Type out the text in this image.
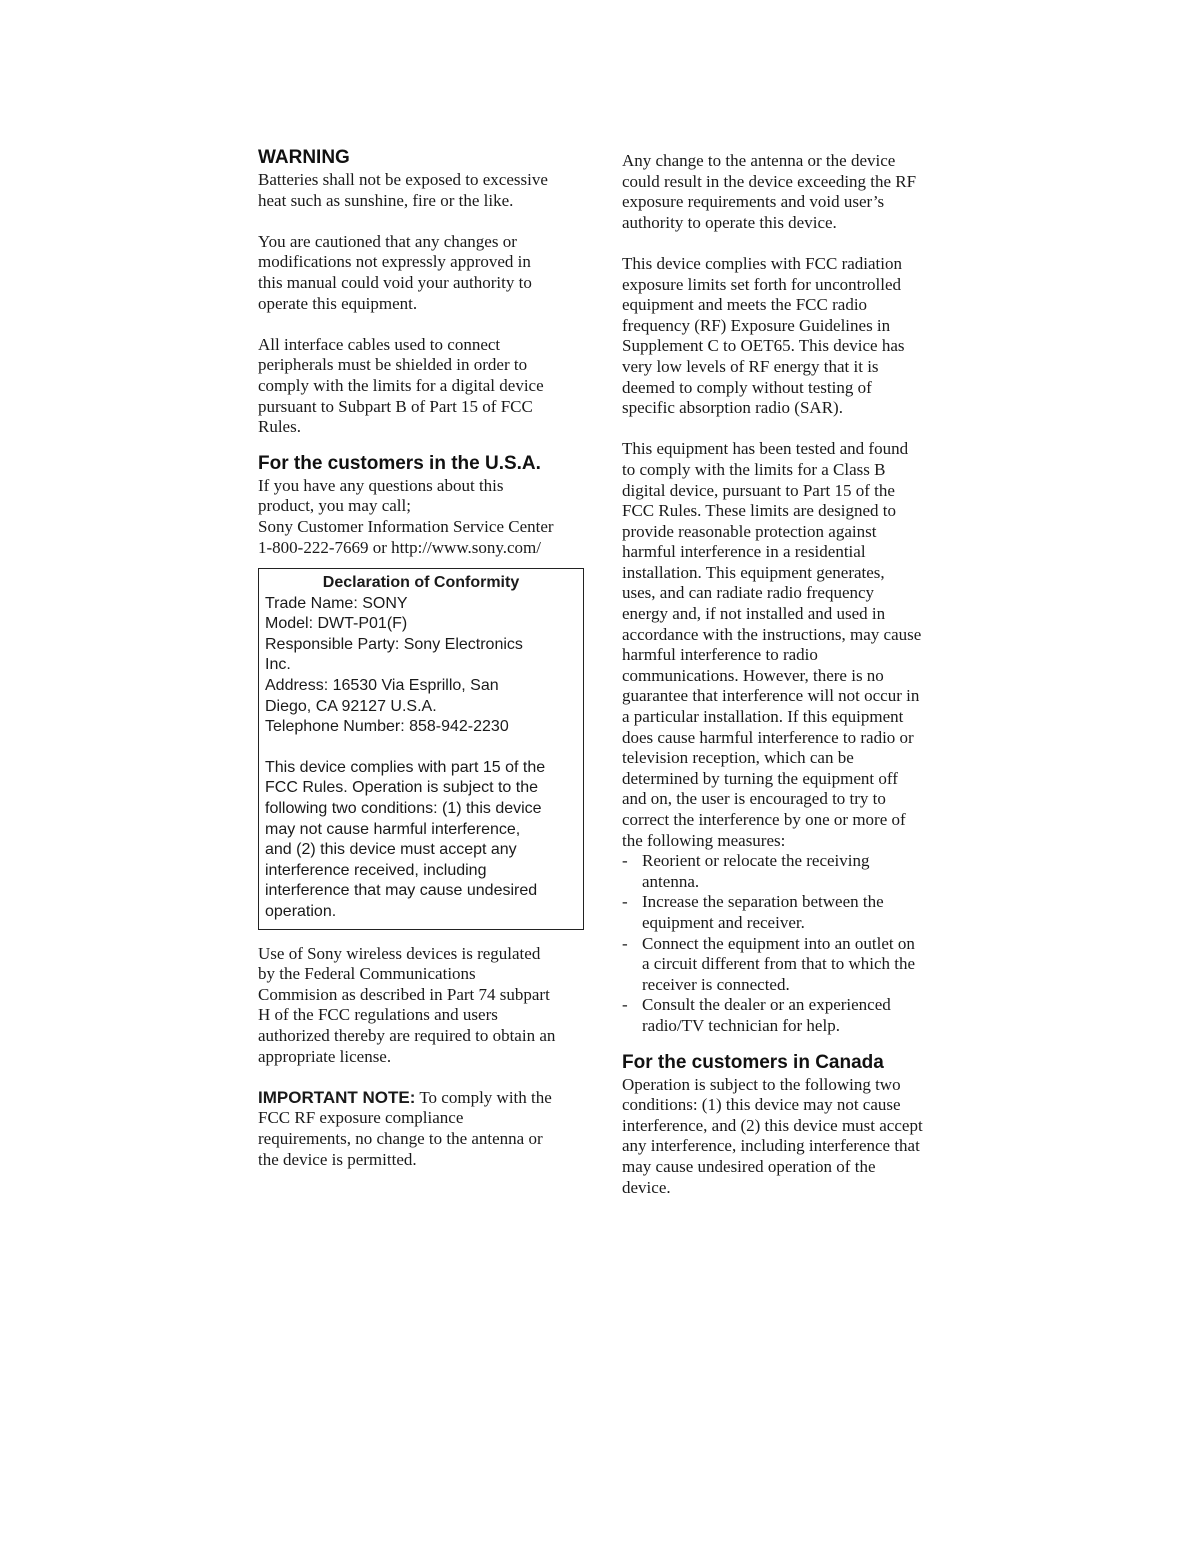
WARNING
Batteries shall not be exposed to excessive
heat such as sunshine, fire or the like.
You are cautioned that any changes or
modifications not expressly approved in
this manual could void your authority to
operate this equipment.
All interface cables used to connect
peripherals must be shielded in order to
comply with the limits for a digital device
pursuant to Subpart B of Part 15 of FCC
Rules.
For the customers in the U.S.A.
If you have any questions about this
product, you may call;
Sony Customer Information Service Center
1-800-222-7669 or http://www.sony.com/
Declaration of Conformity
Trade Name: SONY
Model: DWT-P01(F)
Responsible Party: Sony Electronics
Inc.
Address: 16530 Via Esprillo, San
Diego, CA 92127 U.S.A.
Telephone Number: 858-942-2230
This device complies with part 15 of the
FCC Rules. Operation is subject to the
following two conditions: (1) this device
may not cause harmful interference,
and (2) this device must accept any
interference received, including
interference that may cause undesired
operation.
Use of Sony wireless devices is regulated
by the Federal Communications
Commision as described in Part 74 subpart
H of the FCC regulations and users
authorized thereby are required to obtain an
appropriate license.
IMPORTANT NOTE: To comply with the
FCC RF exposure compliance
requirements, no change to the antenna or
the device is permitted.
Any change to the antenna or the device
could result in the device exceeding the RF
exposure requirements and void user’s
authority to operate this device.
This device complies with FCC radiation
exposure limits set forth for uncontrolled
equipment and meets the FCC radio
frequency (RF) Exposure Guidelines in
Supplement C to OET65. This device has
very low levels of RF energy that it is
deemed to comply without testing of
specific absorption radio (SAR).
This equipment has been tested and found
to comply with the limits for a Class B
digital device, pursuant to Part 15 of the
FCC Rules. These limits are designed to
provide reasonable protection against
harmful interference in a residential
installation. This equipment generates,
uses, and can radiate radio frequency
energy and, if not installed and used in
accordance with the instructions, may cause
harmful interference to radio
communications. However, there is no
guarantee that interference will not occur in
a particular installation. If this equipment
does cause harmful interference to radio or
television reception, which can be
determined by turning the equipment off
and on, the user is encouraged to try to
correct the interference by one or more of
the following measures:
- Reorient or relocate the receiving
antenna.
- Increase the separation between the
equipment and receiver.
- Connect the equipment into an outlet on
a circuit different from that to which the
receiver is connected.
- Consult the dealer or an experienced
radio/TV technician for help.
For the customers in Canada
Operation is subject to the following two
conditions: (1) this device may not cause
interference, and (2) this device must accept
any interference, including interference that
may cause undesired operation of the
device.
